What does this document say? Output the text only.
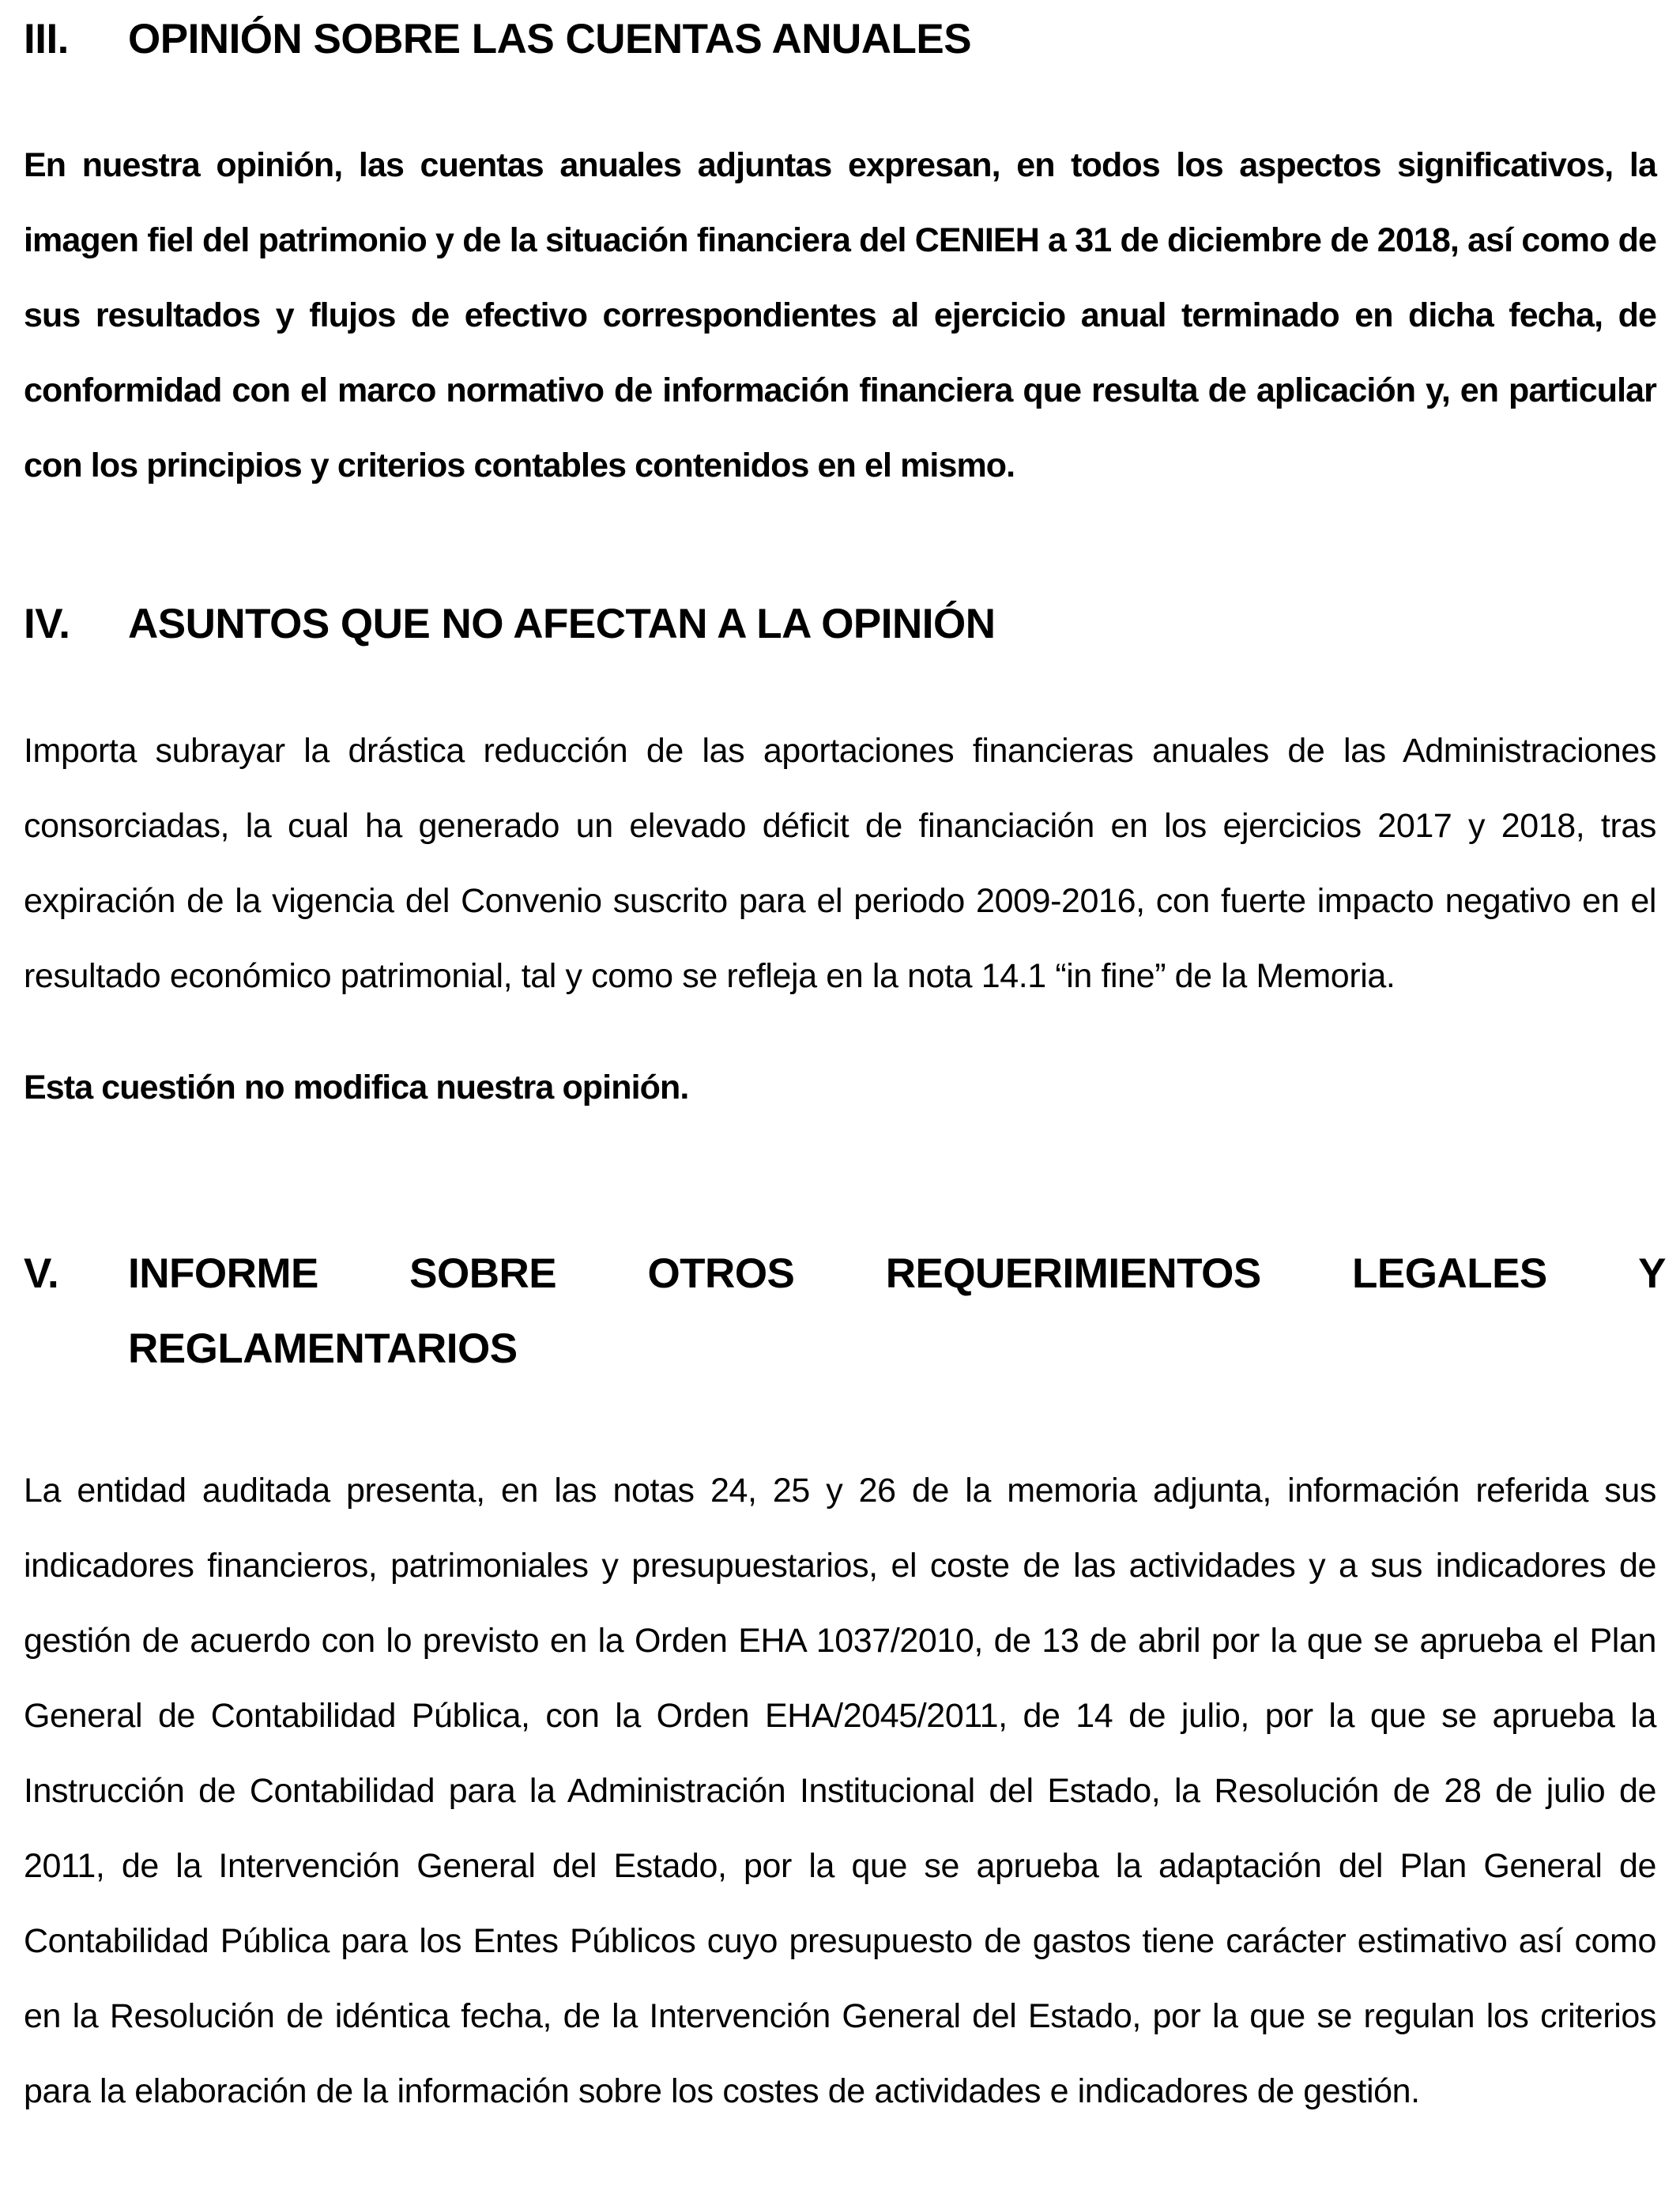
III.	OPINIÓN SOBRE LAS CUENTAS ANUALES

En nuestra opinión, las cuentas anuales adjuntas expresan, en todos los aspectos significativos, la imagen fiel del patrimonio y de la situación financiera del CENIEH a 31 de diciembre de 2018, así como de sus resultados y flujos de efectivo correspondientes al ejercicio anual terminado en dicha fecha, de conformidad con el marco normativo de información financiera que resulta de aplicación y, en particular con los principios y criterios contables contenidos en el mismo.

IV.	ASUNTOS QUE NO AFECTAN A LA OPINIÓN

Importa subrayar la drástica reducción de las aportaciones financieras anuales de las Administraciones consorciadas, la cual ha generado un elevado déficit de financiación en los ejercicios 2017 y 2018, tras expiración de la vigencia del Convenio suscrito para el periodo 2009-2016, con fuerte impacto negativo en el resultado económico patrimonial, tal y como se refleja en la nota 14.1 “in fine” de la Memoria.

Esta cuestión no modifica nuestra opinión.

V.	INFORME SOBRE OTROS REQUERIMIENTOS LEGALES Y
REGLAMENTARIOS

La entidad auditada presenta, en las notas 24, 25 y 26 de la memoria adjunta, información referida sus indicadores financieros, patrimoniales y presupuestarios, el coste de las actividades y a sus indicadores de gestión de acuerdo con lo previsto en la Orden EHA 1037/2010, de 13 de abril por la que se aprueba el Plan General de Contabilidad Pública, con la Orden EHA/2045/2011, de 14 de julio, por la que se aprueba la Instrucción de Contabilidad para la Administración Institucional del Estado, la Resolución de 28 de julio de 2011, de la Intervención General del Estado, por la que se aprueba la adaptación del Plan General de Contabilidad Pública para los Entes Públicos cuyo presupuesto de gastos tiene carácter estimativo así como en la Resolución de idéntica fecha, de la Intervención General del Estado, por la que se regulan los criterios para la elaboración de la información sobre los costes de actividades e indicadores de gestión.
